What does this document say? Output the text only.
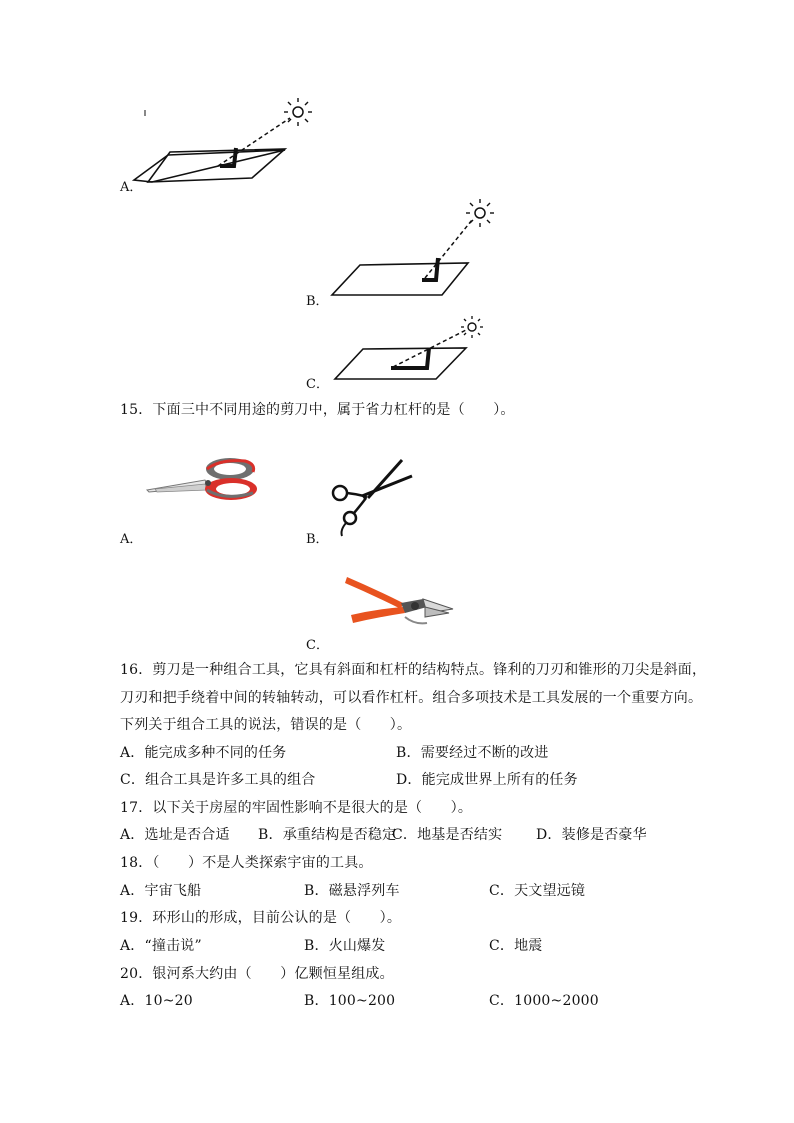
A．
B．
C．
15．下面三中不同用途的剪刀中，属于省力杠杆的是（　　）。
A．	B．
C．
16．剪刀是一种组合工具，它具有斜面和杠杆的结构特点。锋利的刀刃和锥形的刀尖是斜面，
刀刃和把手绕着中间的转轴转动，可以看作杠杆。组合多项技术是工具发展的一个重要方向。
下列关于组合工具的说法，错误的是（　　）。
A．能完成多种不同的任务	B．需要经过不断的改进
C．组合工具是许多工具的组合	D．能完成世界上所有的任务
17．以下关于房屋的牢固性影响不是很大的是（　　）。
A．选址是否合适 B．承重结构是否稳定
C．地基是否结实 D．装修是否豪华
18．（　　）不是人类探索宇宙的工具。
A．宇宙飞船	B．磁悬浮列车	C．天文望远镜
19．环形山的形成，目前公认的是（　　）。
A．“撞击说”	B．火山爆发	C．地震
20．银河系大约由（　　）亿颗恒星组成。
A．10~20	B．100~200	C．1000~2000
